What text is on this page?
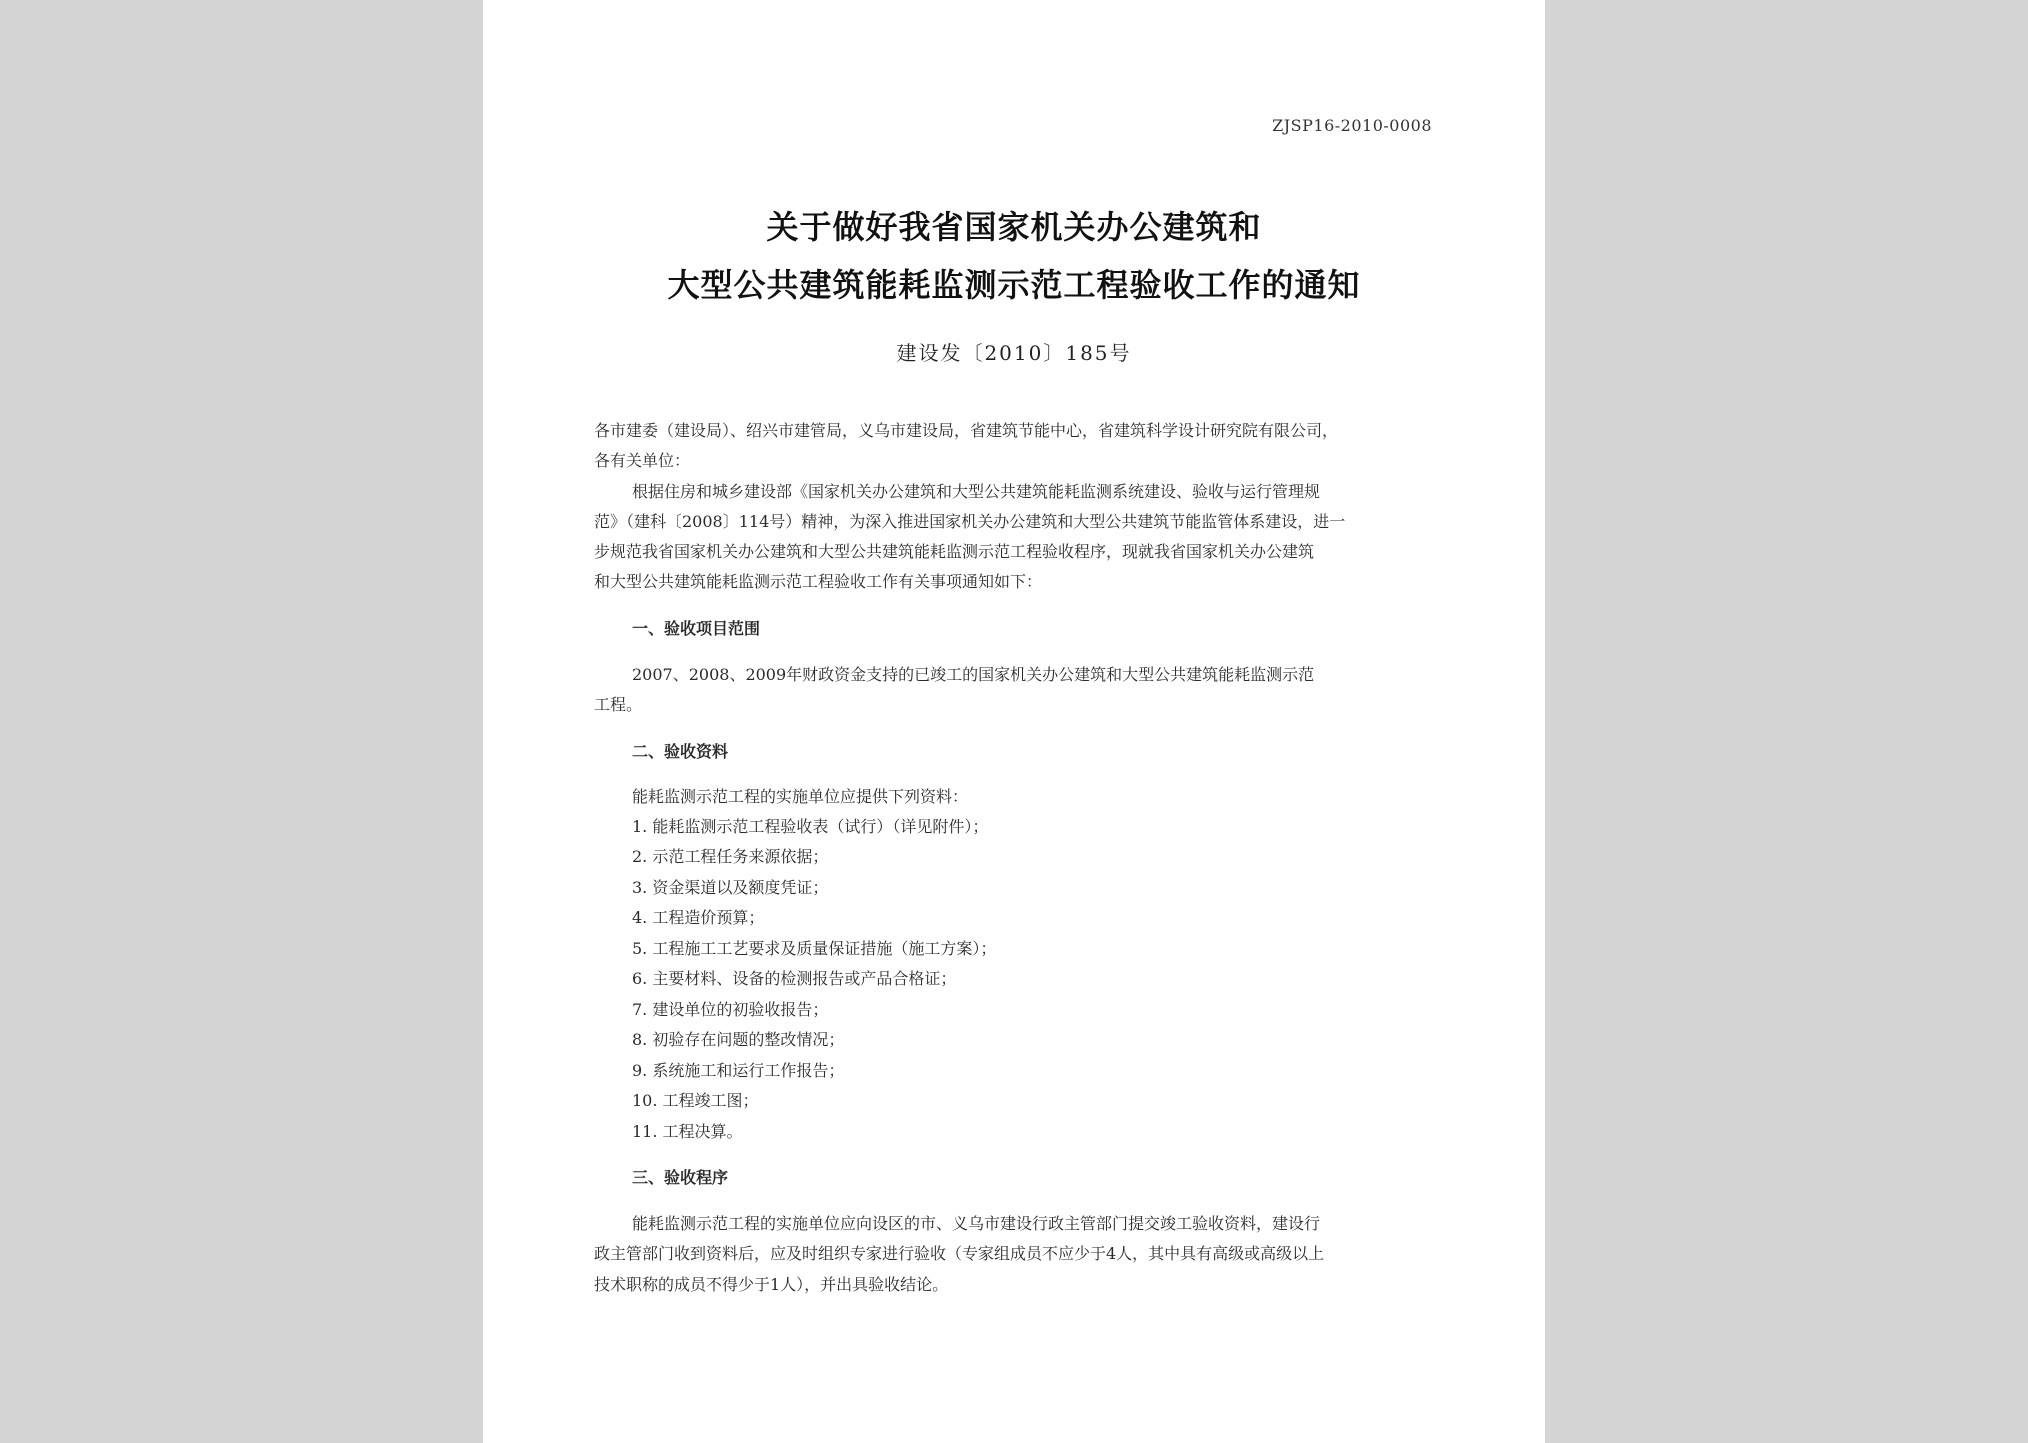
ZJSP16-2010-0008
关于做好我省国家机关办公建筑和
大型公共建筑能耗监测示范工程验收工作的通知
建设发〔2010〕185号
各市建委（建设局）、绍兴市建管局，义乌市建设局，省建筑节能中心，省建筑科学设计研究院有限公司，
各有关单位：
根据住房和城乡建设部《国家机关办公建筑和大型公共建筑能耗监测系统建设、验收与运行管理规
范》（建科〔2008〕114号）精神，为深入推进国家机关办公建筑和大型公共建筑节能监管体系建设，进一
步规范我省国家机关办公建筑和大型公共建筑能耗监测示范工程验收程序，现就我省国家机关办公建筑
和大型公共建筑能耗监测示范工程验收工作有关事项通知如下：
一、验收项目范围
2007、2008、2009年财政资金支持的已竣工的国家机关办公建筑和大型公共建筑能耗监测示范
工程。
二、验收资料
能耗监测示范工程的实施单位应提供下列资料：
1. 能耗监测示范工程验收表（试行）（详见附件）；
2. 示范工程任务来源依据；
3. 资金渠道以及额度凭证；
4. 工程造价预算；
5. 工程施工工艺要求及质量保证措施（施工方案）；
6. 主要材料、设备的检测报告或产品合格证；
7. 建设单位的初验收报告；
8. 初验存在问题的整改情况；
9. 系统施工和运行工作报告；
10. 工程竣工图；
11. 工程决算。
三、验收程序
能耗监测示范工程的实施单位应向设区的市、义乌市建设行政主管部门提交竣工验收资料，建设行
政主管部门收到资料后，应及时组织专家进行验收（专家组成员不应少于4人，其中具有高级或高级以上
技术职称的成员不得少于1人），并出具验收结论。
